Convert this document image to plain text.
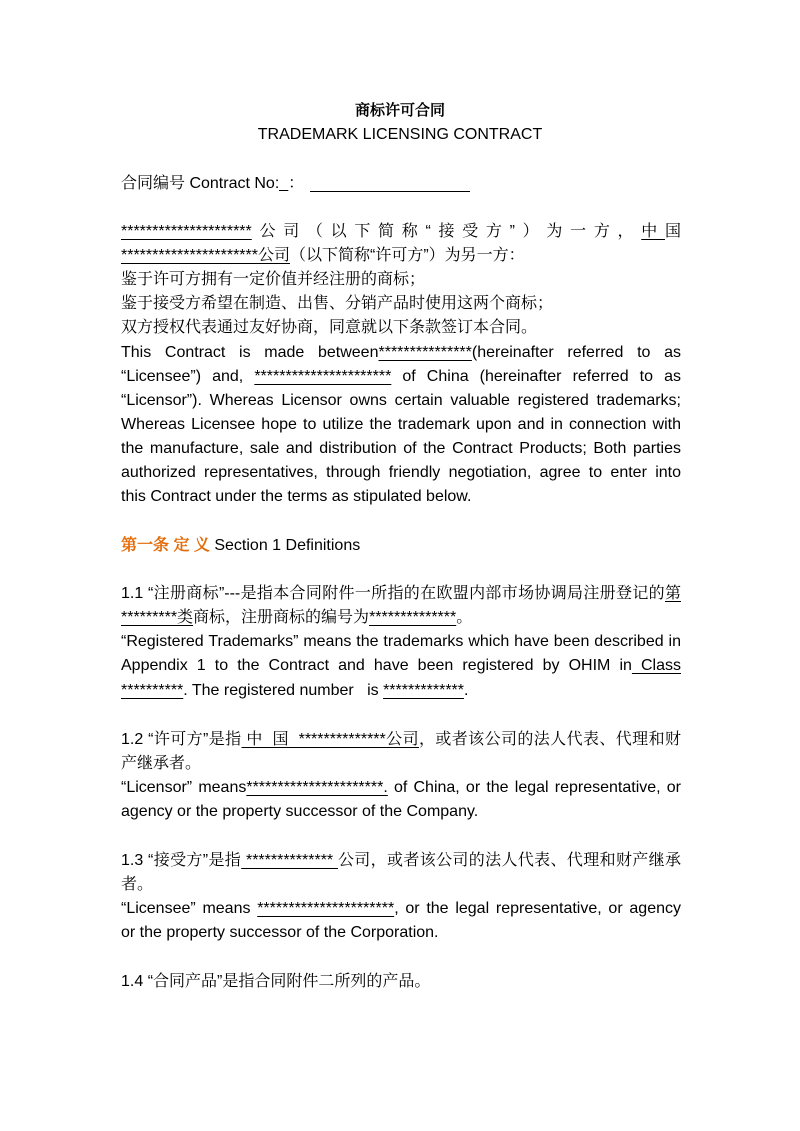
商标许可合同
TRADEMARK LICENSING CONTRACT
合同编号 Contract No:_：
*********************公司（以下简称“接受方”）为一方，中国
**********************公司（以下简称“许可方”）为另一方：
鉴于许可方拥有一定价值并经注册的商标；
鉴于接受方希望在制造、出售、分销产品时使用这两个商标；
双方授权代表通过友好协商，同意就以下条款签订本合同。
This Contract is made between***************(hereinafter referred to as
“Licensee”) and, ********************** of China (hereinafter referred to as
“Licensor”). Whereas Licensor owns certain valuable registered trademarks;
Whereas Licensee hope to utilize the trademark upon and in connection with
the manufacture, sale and distribution of the Contract Products; Both parties
authorized representatives, through friendly negotiation, agree to enter into
this Contract under the terms as stipulated below.
第一条 定 义 Section 1 Definitions
1.1 “注册商标”---是指本合同附件一所指的在欧盟内部市场协调局注册登记的第
*********类商标，注册商标的编号为**************。
“Registered Trademarks” means the trademarks which have been described in
Appendix 1 to the Contract and have been registered by OHIM in Class
**********. The registered number   is *************.
1.2 “许可方”是指 中  国  **************公司，或者该公司的法人代表、代理和财
产继承者。
“Licensor” means**********************. of China, or the legal representative, or
agency or the property successor of the Company.
1.3 “接受方”是指 ************** 公司，或者该公司的法人代表、代理和财产继承
者。
“Licensee” means **********************, or the legal representative, or agency
or the property successor of the Corporation.
1.4 “合同产品”是指合同附件二所列的产品。
